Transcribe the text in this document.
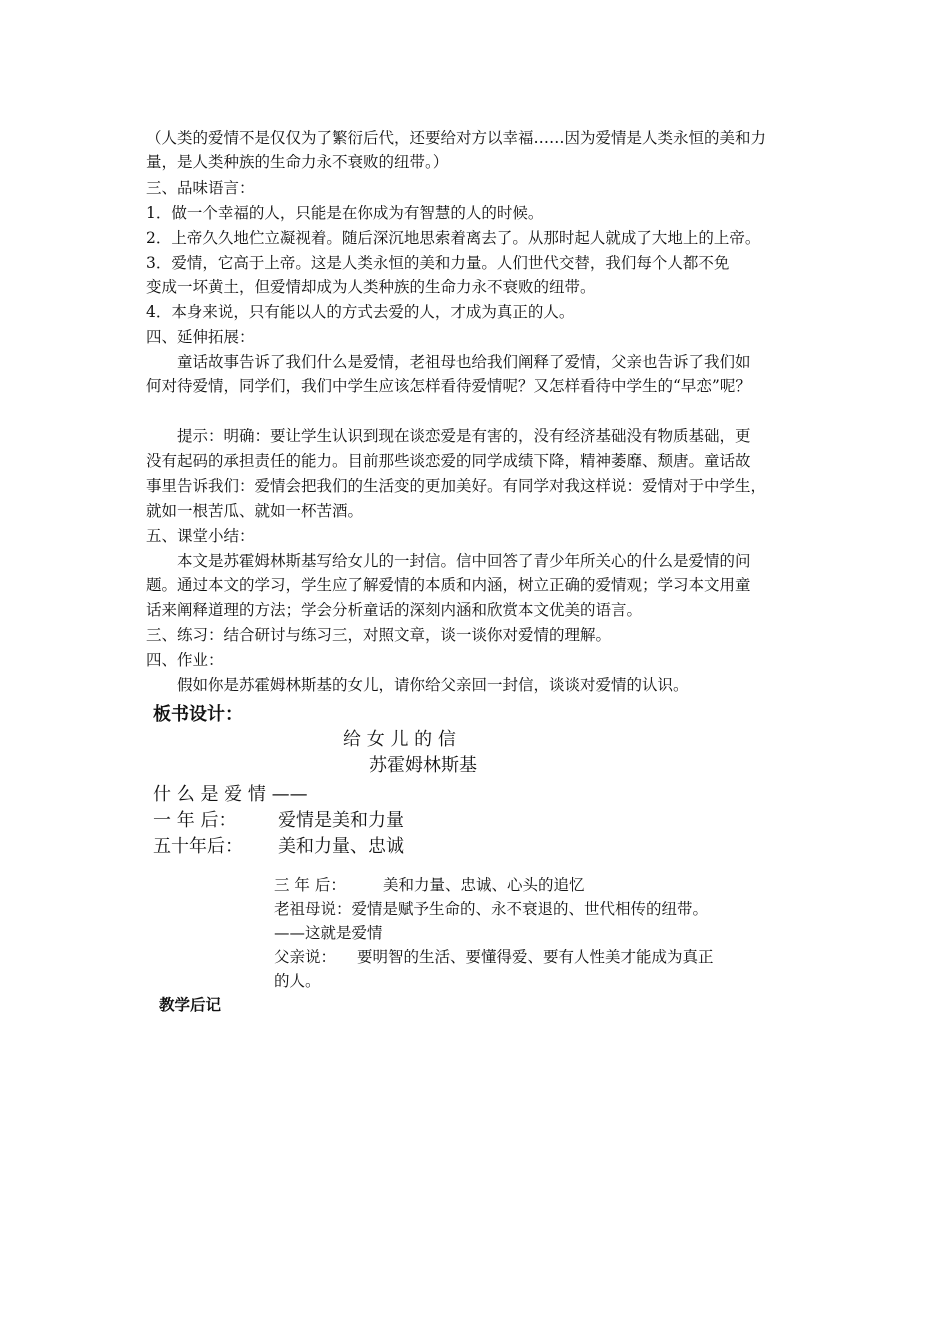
（人类的爱情不是仅仅为了繁衍后代，还要给对方以幸福……因为爱情是人类永恒的美和力
量，是人类种族的生命力永不衰败的纽带。）
三、品味语言：
1．做一个幸福的人，只能是在你成为有智慧的人的时候。
2．上帝久久地伫立凝视着。随后深沉地思索着离去了。从那时起人就成了大地上的上帝。
3．爱情，它高于上帝。这是人类永恒的美和力量。人们世代交替，我们每个人都不免
变成一坏黄土，但爱情却成为人类种族的生命力永不衰败的纽带。
4．本身来说，只有能以人的方式去爱的人，才成为真正的人。
四、延伸拓展：
童话故事告诉了我们什么是爱情，老祖母也给我们阐释了爱情，父亲也告诉了我们如
何对待爱情，同学们，我们中学生应该怎样看待爱情呢？又怎样看待中学生的“早恋”呢？
提示：明确：要让学生认识到现在谈恋爱是有害的，没有经济基础没有物质基础，更
没有起码的承担责任的能力。目前那些谈恋爱的同学成绩下降，精神萎靡、颓唐。童话故
事里告诉我们：爱情会把我们的生活变的更加美好。有同学对我这样说：爱情对于中学生，
就如一根苦瓜、就如一杯苦酒。
五、课堂小结：
本文是苏霍姆林斯基写给女儿的一封信。信中回答了青少年所关心的什么是爱情的问
题。通过本文的学习，学生应了解爱情的本质和内涵，树立正确的爱情观；学习本文用童
话来阐释道理的方法；学会分析童话的深刻内涵和欣赏本文优美的语言。
三、练习：结合研讨与练习三，对照文章，谈一谈你对爱情的理解。
四、作业：
假如你是苏霍姆林斯基的女儿，请你给父亲回一封信，谈谈对爱情的认识。
板书设计：
给 女 儿 的 信
苏霍姆林斯基
什 么 是 爱 情 ——
一 年 后： 爱情是美和力量
五十年后： 美和力量、忠诚
三 年 后： 美和力量、忠诚、心头的追忆
老祖母说：爱情是赋予生命的、永不衰退的、世代相传的纽带。
——这就是爱情
父亲说： 要明智的生活、要懂得爱、要有人性美才能成为真正
的人。
教学后记
